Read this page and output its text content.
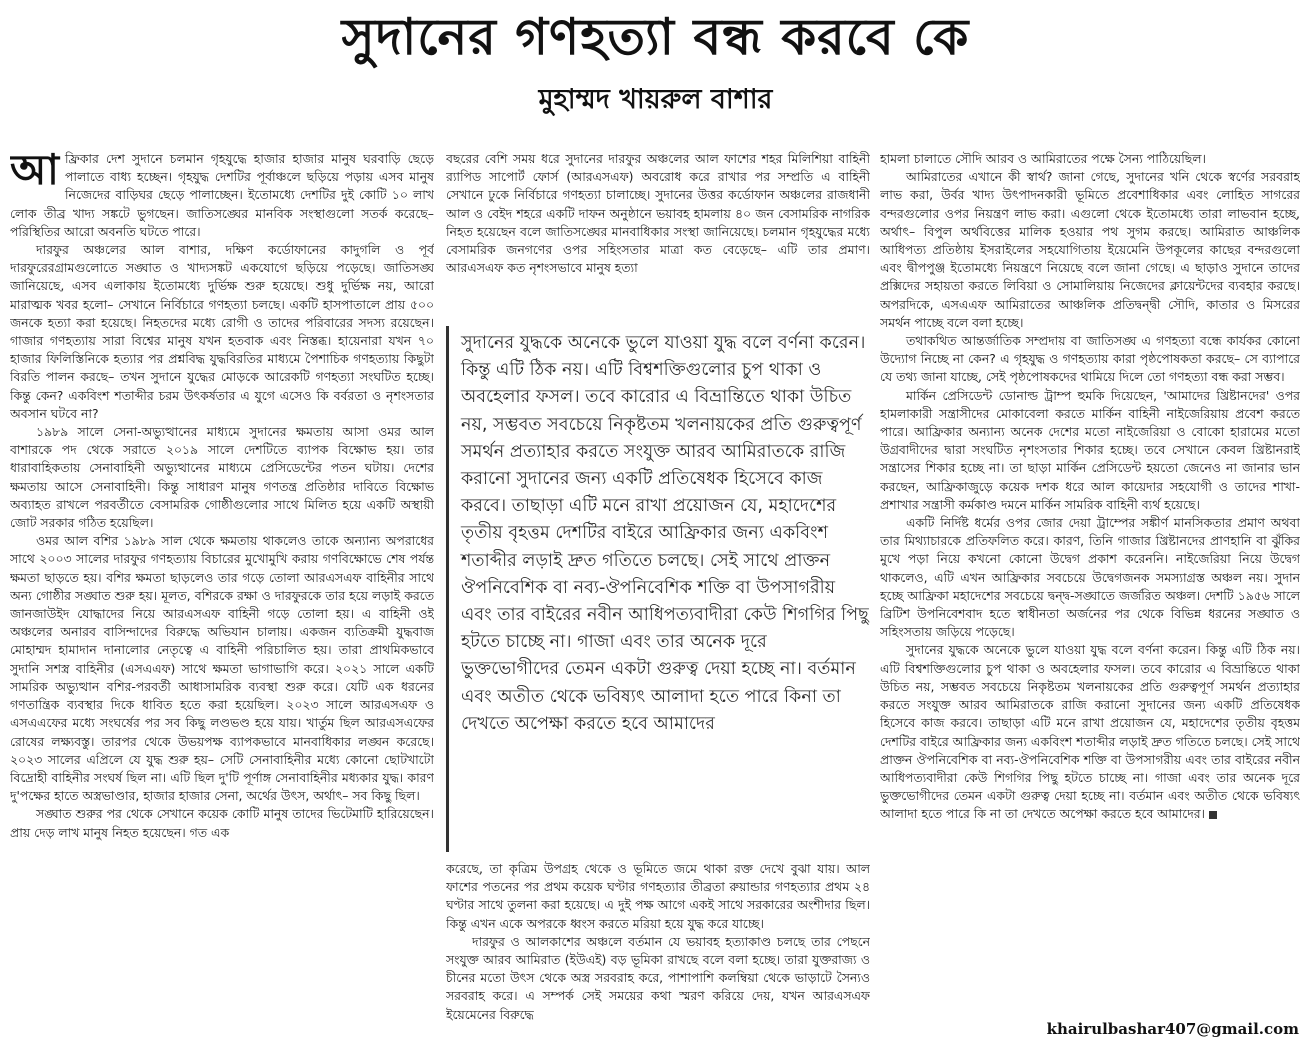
সুদানের গণহত্যা বন্ধ করবে কে
মুহাম্মদ খায়রুল বাশার

আফ্রিকার দেশ সুদানে চলমান গৃহযুদ্ধে হাজার হাজার মানুষ ঘরবাড়ি ছেড়ে পালাতে বাধ্য হচ্ছেন। গৃহযুদ্ধ দেশটির পূর্বাঞ্চলে ছড়িয়ে পড়ায় এসব মানুষ নিজেদের বাড়িঘর ছেড়ে পালাচ্ছেন। ইতোমধ্যে দেশটির দুই কোটি ১০ লাখ লোক তীব্র খাদ্য সঙ্কটে ভুগছেন। জাতিসঙ্ঘের মানবিক সংস্থাগুলো সতর্ক করেছে– পরিস্থিতির আরো অবনতি ঘটতে পারে।

দারফুর অঞ্চলের আল বাশার, দক্ষিণ কর্ডোফানের কাদুগলি ও পূর্ব দারফুরেরগ্রামগুলোতে সঙ্ঘাত ও খাদ্যসঙ্কট একযোগে ছড়িয়ে পড়েছে। জাতিসঙ্ঘ জানিয়েছে, এসব এলাকায় ইতোমধ্যে দুর্ভিক্ষ শুরু হয়েছে। শুধু দুর্ভিক্ষ নয়, আরো মারাত্মক খবর হলো– সেখানে নির্বিচারে গণহত্যা চলছে। একটি হাসপাতালে প্রায় ৫০০ জনকে হত্যা করা হয়েছে। নিহতদের মধ্যে রোগী ও তাদের পরিবারের সদস্য রয়েছেন। গাজার গণহত্যায় সারা বিশ্বের মানুষ যখন হতবাক এবং নিস্তব্ধ। হায়েনারা যখন ৭০ হাজার ফিলিস্তিনিকে হত্যার পর প্রশ্নবিদ্ধ যুদ্ধবিরতির মাধ্যমে পৈশাচিক গণহত্যায় কিছুটা বিরতি পালন করছে– তখন সুদানে যুদ্ধের মোড়কে আরেকটি গণহত্যা সংঘটিত হচ্ছে। কিন্তু কেন? একবিংশ শতাব্দীর চরম উৎকর্ষতার এ যুগে এসেও কি বর্বরতা ও নৃশংসতার অবসান ঘটবে না?

১৯৮৯ সালে সেনা-অভ্যুত্থানের মাধ্যমে সুদানের ক্ষমতায় আসা ওমর আল বাশারকে পদ থেকে সরাতে ২০১৯ সালে দেশটিতে ব্যাপক বিক্ষোভ হয়। তার ধারাবাহিকতায় সেনাবাহিনী অভ্যুত্থানের মাধ্যমে প্রেসিডেন্টের পতন ঘটায়। দেশের ক্ষমতায় আসে সেনাবাহিনী। কিন্তু সাধারণ মানুষ গণতন্ত্র প্রতিষ্ঠার দাবিতে বিক্ষোভ অব্যাহত রাখলে পরবর্তীতে বেসামরিক গোষ্ঠীগুলোর সাথে মিলিত হয়ে একটি অস্থায়ী জোট সরকার গঠিত হয়েছিল।

ওমর আল বশির ১৯৮৯ সাল থেকে ক্ষমতায় থাকলেও তাকে অন্যান্য অপরাধের সাথে ২০০৩ সালের দারফুর গণহত্যায় বিচারের মুখোমুখি করায় গণবিক্ষোভে শেষ পর্যন্ত ক্ষমতা ছাড়তে হয়। বশির ক্ষমতা ছাড়লেও তার গড়ে তোলা আরএসএফ বাহিনীর সাথে অন্য গোষ্ঠীর সঙ্ঘাত শুরু হয়। মূলত, বশিরকে রক্ষা ও দারফুরকে তার হয়ে লড়াই করতে জানজাউইদ যোদ্ধাদের নিয়ে আরএসএফ বাহিনী গড়ে তোলা হয়। এ বাহিনী ওই অঞ্চলের অনারব বাসিন্দাদের বিরুদ্ধে অভিযান চালায়। একজন ব্যতিক্রমী যুদ্ধবাজ মোহাম্মদ হামাদান দানালোর নেতৃত্বে এ বাহিনী পরিচালিত হয়। তারা প্রাথমিকভাবে সুদানি সশস্ত্র বাহিনীর (এসএএফ) সাথে ক্ষমতা ভাগাভাগি করে। ২০২১ সালে একটি সামরিক অভ্যুত্থান বশির-পরবর্তী আধাসামরিক ব্যবস্থা শুরু করে। যেটি এক ধরনের গণতান্ত্রিক ব্যবস্থার দিকে ধাবিত হতে করা হয়েছিল। ২০২৩ সালে আরএসএফ ও এসএএফের মধ্যে সংঘর্ষের পর সব কিছু লণ্ডভণ্ড হয়ে যায়। খার্তুম ছিল আরএসএফের রোষের লক্ষ্যবস্তু। তারপর থেকে উভয়পক্ষ ব্যাপকভাবে মানবাধিকার লঙ্ঘন করেছে। ২০২৩ সালের এপ্রিলে যে যুদ্ধ শুরু হয়– সেটি সেনাবাহিনীর মধ্যে কোনো ছোটখাটো বিদ্রোহী বাহিনীর সংঘর্ষ ছিল না। এটি ছিল দু'টি পূর্ণাঙ্গ সেনাবাহিনীর মধ্যকার যুদ্ধ। কারণ দু'পক্ষের হাতে অস্ত্রভাণ্ডার, হাজার হাজার সেনা, অর্থের উৎস, অর্থাৎ– সব কিছু ছিল।

সঙ্ঘাত শুরুর পর থেকে সেখানে কয়েক কোটি মানুষ তাদের ভিটেমাটি হারিয়েছেন। প্রায় দেড় লাখ মানুষ নিহত হয়েছেন। গত এক

বছরের বেশি সময় ধরে সুদানের দারফুর অঞ্চলের আল ফাশের শহর মিলিশিয়া বাহিনী র‍্যাপিড সাপোর্ট ফোর্স (আরএসএফ) অবরোধ করে রাখার পর সম্প্রতি এ বাহিনী সেখানে ঢুকে নির্বিচারে গণহত্যা চালাচ্ছে। সুদানের উত্তর কর্ডোফান অঞ্চলের রাজধানী আল ও বেইদ শহরে একটি দাফন অনুষ্ঠানে ভয়াবহ হামলায় ৪০ জন বেসামরিক নাগরিক নিহত হয়েছেন বলে জাতিসঙ্ঘের মানবাধিকার সংস্থা জানিয়েছে। চলমান গৃহযুদ্ধের মধ্যে বেসামরিক জনগণের ওপর সহিংসতার মাত্রা কত বেড়েছে– এটি তার প্রমাণ। আরএসএফ কত নৃশংসভাবে মানুষ হত্যা

সুদানের যুদ্ধকে অনেকে ভুলে যাওয়া যুদ্ধ বলে বর্ণনা করেন। কিন্তু এটি ঠিক নয়। এটি বিশ্বশক্তিগুলোর চুপ থাকা ও অবহেলার ফসল। তবে কারোর এ বিভ্রান্তিতে থাকা উচিত নয়, সম্ভবত সবচেয়ে নিকৃষ্টতম খলনায়কের প্রতি গুরুত্বপূর্ণ সমর্থন প্রত্যাহার করতে সংযুক্ত আরব আমিরাতকে রাজি করানো সুদানের জন্য একটি প্রতিষেধক হিসেবে কাজ করবে। তাছাড়া এটি মনে রাখা প্রয়োজন যে, মহাদেশের তৃতীয় বৃহত্তম দেশটির বাইরে আফ্রিকার জন্য একবিংশ শতাব্দীর লড়াই দ্রুত গতিতে চলছে। সেই সাথে প্রাক্তন ঔপনিবেশিক বা নব্য-ঔপনিবেশিক শক্তি বা উপসাগরীয় এবং তার বাইরের নবীন আধিপত্যবাদীরা কেউ শিগগির পিছু হটতে চাচ্ছে না। গাজা এবং তার অনেক দূরে ভুক্তভোগীদের তেমন একটা গুরুত্ব দেয়া হচ্ছে না। বর্তমান এবং অতীত থেকে ভবিষ্যৎ আলাদা হতে পারে কিনা তা দেখতে অপেক্ষা করতে হবে আমাদের

করেছে, তা কৃত্রিম উপগ্রহ থেকে ও ভূমিতে জমে থাকা রক্ত দেখে বুঝা যায়। আল ফাশের পতনের পর প্রথম কয়েক ঘণ্টার গণহত্যার তীব্রতা রুয়ান্ডার গণহত্যার প্রথম ২৪ ঘণ্টার সাথে তুলনা করা হয়েছে। এ দুই পক্ষ আগে একই সাথে সরকারের অংশীদার ছিল। কিন্তু এখন একে অপরকে ধ্বংস করতে মরিয়া হয়ে যুদ্ধ করে যাচ্ছে।

দারফুর ও আলকাশের অঞ্চলে বর্তমান যে ভয়াবহ হত্যাকাণ্ড চলছে তার পেছনে সংযুক্ত আরব আমিরাত (ইউএই) বড় ভূমিকা রাখছে বলে বলা হচ্ছে। তারা যুক্তরাজ্য ও চীনের মতো উৎস থেকে অস্ত্র সরবরাহ করে, পাশাপাশি কলম্বিয়া থেকে ভাড়াটে সৈন্যও সরবরাহ করে। এ সম্পর্ক সেই সময়ের কথা স্মরণ করিয়ে দেয়, যখন আরএসএফ ইয়েমেনের বিরুদ্ধে

হামলা চালাতে সৌদি আরব ও আমিরাতের পক্ষে সৈন্য পাঠিয়েছিল।

আমিরাতের এখানে কী স্বার্থ? জানা গেছে, সুদানের খনি থেকে স্বর্ণের সরবরাহ লাভ করা, উর্বর খাদ্য উৎপাদনকারী ভূমিতে প্রবেশাধিকার এবং লোহিত সাগরের বন্দরগুলোর ওপর নিয়ন্ত্রণ লাভ করা। এগুলো থেকে ইতোমধ্যে তারা লাভবান হচ্ছে, অর্থাৎ– বিপুল অর্থবিত্তের মালিক হওয়ার পথ সুগম করছে। আমিরাত আঞ্চলিক আধিপত্য প্রতিষ্ঠায় ইসরাইলের সহযোগিতায় ইয়েমেনি উপকূলের কাছের বন্দরগুলো এবং দ্বীপপুঞ্জ ইতোমধ্যে নিয়ন্ত্রণে নিয়েছে বলে জানা গেছে। এ ছাড়াও সুদানে তাদের প্রক্সিদের সহায়তা করতে লিবিয়া ও সোমালিয়ায় নিজেদের ক্লায়েন্টদের ব্যবহার করছে। অপরদিকে, এসএএফ আমিরাতের আঞ্চলিক প্রতিদ্বন্দ্বী সৌদি, কাতার ও মিসরের সমর্থন পাচ্ছে বলে বলা হচ্ছে।

তথাকথিত আন্তর্জাতিক সম্প্রদায় বা জাতিসঙ্ঘ এ গণহত্যা বন্ধে কার্যকর কোনো উদ্যোগ নিচ্ছে না কেন? এ গৃহযুদ্ধ ও গণহত্যায় কারা পৃষ্ঠপোষকতা করছে– সে ব্যাপারে যে তথ্য জানা যাচ্ছে, সেই পৃষ্ঠপোষকদের থামিয়ে দিলে তো গণহত্যা বন্ধ করা সম্ভব।

মার্কিন প্রেসিডেন্ট ডোনাল্ড ট্রাম্প হুমকি দিয়েছেন, 'আমাদের খ্রিষ্টানদের' ওপর হামলাকারী সন্ত্রাসীদের মোকাবেলা করতে মার্কিন বাহিনী নাইজেরিয়ায় প্রবেশ করতে পারে। আফ্রিকার অন্যান্য অনেক দেশের মতো নাইজেরিয়া ও বোকো হারামের মতো উগ্রবাদীদের দ্বারা সংঘটিত নৃশংসতার শিকার হচ্ছে। তবে সেখানে কেবল খ্রিষ্টানরাই সন্ত্রাসের শিকার হচ্ছে না। তা ছাড়া মার্কিন প্রেসিডেন্ট হয়তো জেনেও না জানার ভান করছেন, আফ্রিকাজুড়ে কয়েক দশক ধরে আল কায়েদার সহযোগী ও তাদের শাখা-প্রশাখার সন্ত্রাসী কর্মকাণ্ড দমনে মার্কিন সামরিক বাহিনী ব্যর্থ হয়েছে।

একটি নির্দিষ্ট ধর্মের ওপর জোর দেয়া ট্রাম্পের সঙ্কীর্ণ মানসিকতার প্রমাণ অথবা তার মিথ্যাচারকে প্রতিফলিত করে। কারণ, তিনি গাজার খ্রিষ্টানদের প্রাণহানি বা ঝুঁকির মুখে পড়া নিয়ে কখনো কোনো উদ্বেগ প্রকাশ করেননি। নাইজেরিয়া নিয়ে উদ্বেগ থাকলেও, এটি এখন আফ্রিকার সবচেয়ে উদ্বেগজনক সমস্যাগ্রস্ত অঞ্চল নয়। সুদান হচ্ছে আফ্রিকা মহাদেশের সবচেয়ে দ্বন্দ্ব-সঙ্ঘাতে জর্জরিত অঞ্চল। দেশটি ১৯৫৬ সালে ব্রিটিশ উপনিবেশবাদ হতে স্বাধীনতা অর্জনের পর থেকে বিভিন্ন ধরনের সঙ্ঘাত ও সহিংসতায় জড়িয়ে পড়েছে।

সুদানের যুদ্ধকে অনেকে ভুলে যাওয়া যুদ্ধ বলে বর্ণনা করেন। কিন্তু এটি ঠিক নয়। এটি বিশ্বশক্তিগুলোর চুপ থাকা ও অবহেলার ফসল। তবে কারোর এ বিভ্রান্তিতে থাকা উচিত নয়, সম্ভবত সবচেয়ে নিকৃষ্টতম খলনায়কের প্রতি গুরুত্বপূর্ণ সমর্থন প্রত্যাহার করতে সংযুক্ত আরব আমিরাতকে রাজি করানো সুদানের জন্য একটি প্রতিষেধক হিসেবে কাজ করবে। তাছাড়া এটি মনে রাখা প্রয়োজন যে, মহাদেশের তৃতীয় বৃহত্তম দেশটির বাইরে আফ্রিকার জন্য একবিংশ শতাব্দীর লড়াই দ্রুত গতিতে চলছে। সেই সাথে প্রাক্তন ঔপনিবেশিক বা নব্য-ঔপনিবেশিক শক্তি বা উপসাগরীয় এবং তার বাইরের নবীন আধিপত্যবাদীরা কেউ শিগগির পিছু হটতে চাচ্ছে না। গাজা এবং তার অনেক দূরে ভুক্তভোগীদের তেমন একটা গুরুত্ব দেয়া হচ্ছে না। বর্তমান এবং অতীত থেকে ভবিষ্যৎ আলাদা হতে পারে কি না তা দেখতে অপেক্ষা করতে হবে আমাদের।

khairulbashar407@gmail.com
